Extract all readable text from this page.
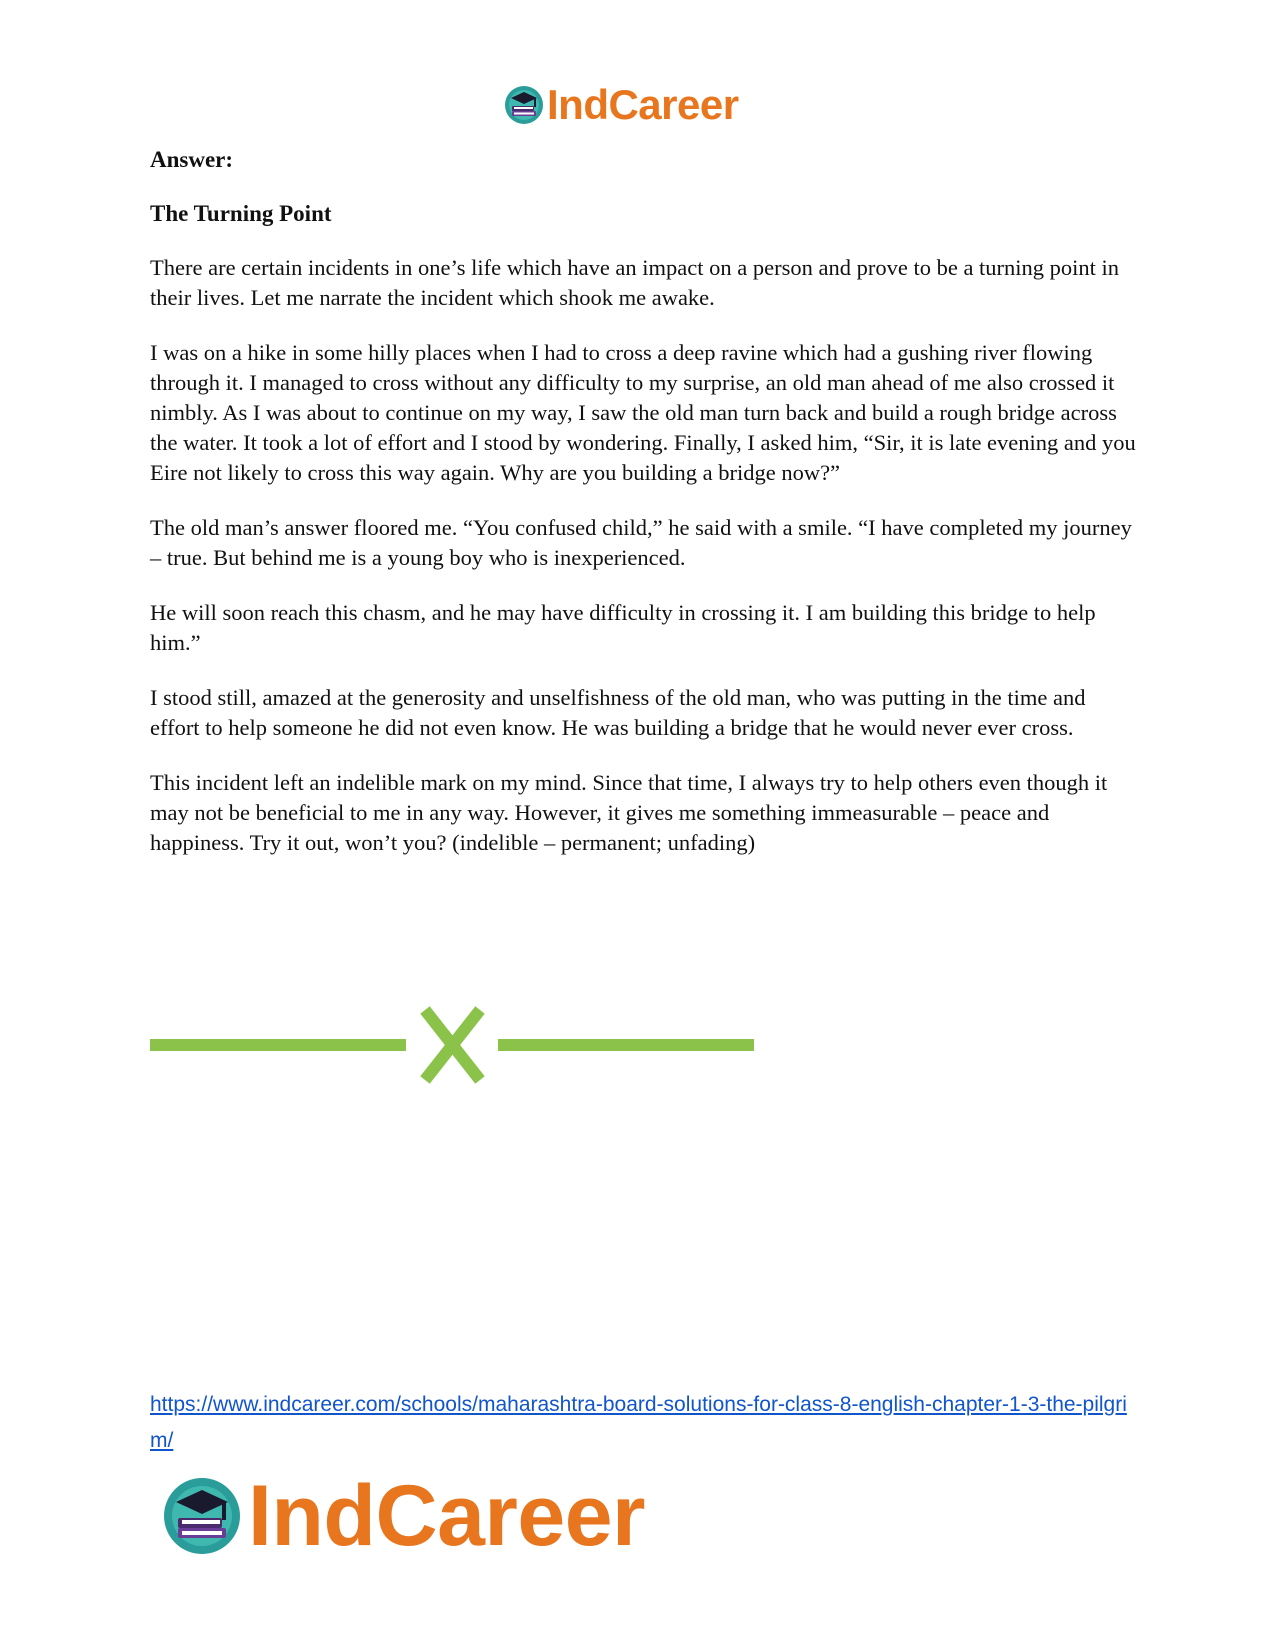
IndCareer

Answer:

The Turning Point

There are certain incidents in one’s life which have an impact on a person and prove to be a turning point in their lives. Let me narrate the incident which shook me awake.

I was on a hike in some hilly places when I had to cross a deep ravine which had a gushing river flowing through it. I managed to cross without any difficulty to my surprise, an old man ahead of me also crossed it nimbly. As I was about to continue on my way, I saw the old man turn back and build a rough bridge across the water. It took a lot of effort and I stood by wondering. Finally, I asked him, “Sir, it is late evening and you Eire not likely to cross this way again. Why are you building a bridge now?”

The old man’s answer floored me. “You confused child,” he said with a smile. “I have completed my journey – true. But behind me is a young boy who is inexperienced.

He will soon reach this chasm, and he may have difficulty in crossing it. I am building this bridge to help him.”

I stood still, amazed at the generosity and unselfishness of the old man, who was putting in the time and effort to help someone he did not even know. He was building a bridge that he would never ever cross.

This incident left an indelible mark on my mind. Since that time, I always try to help others even though it may not be beneficial to me in any way. However, it gives me something immeasurable – peace and happiness. Try it out, won’t you? (indelible – permanent; unfading)

https://www.indcareer.com/schools/maharashtra-board-solutions-for-class-8-english-chapter-1-3-the-pilgrim/
IndCareer
